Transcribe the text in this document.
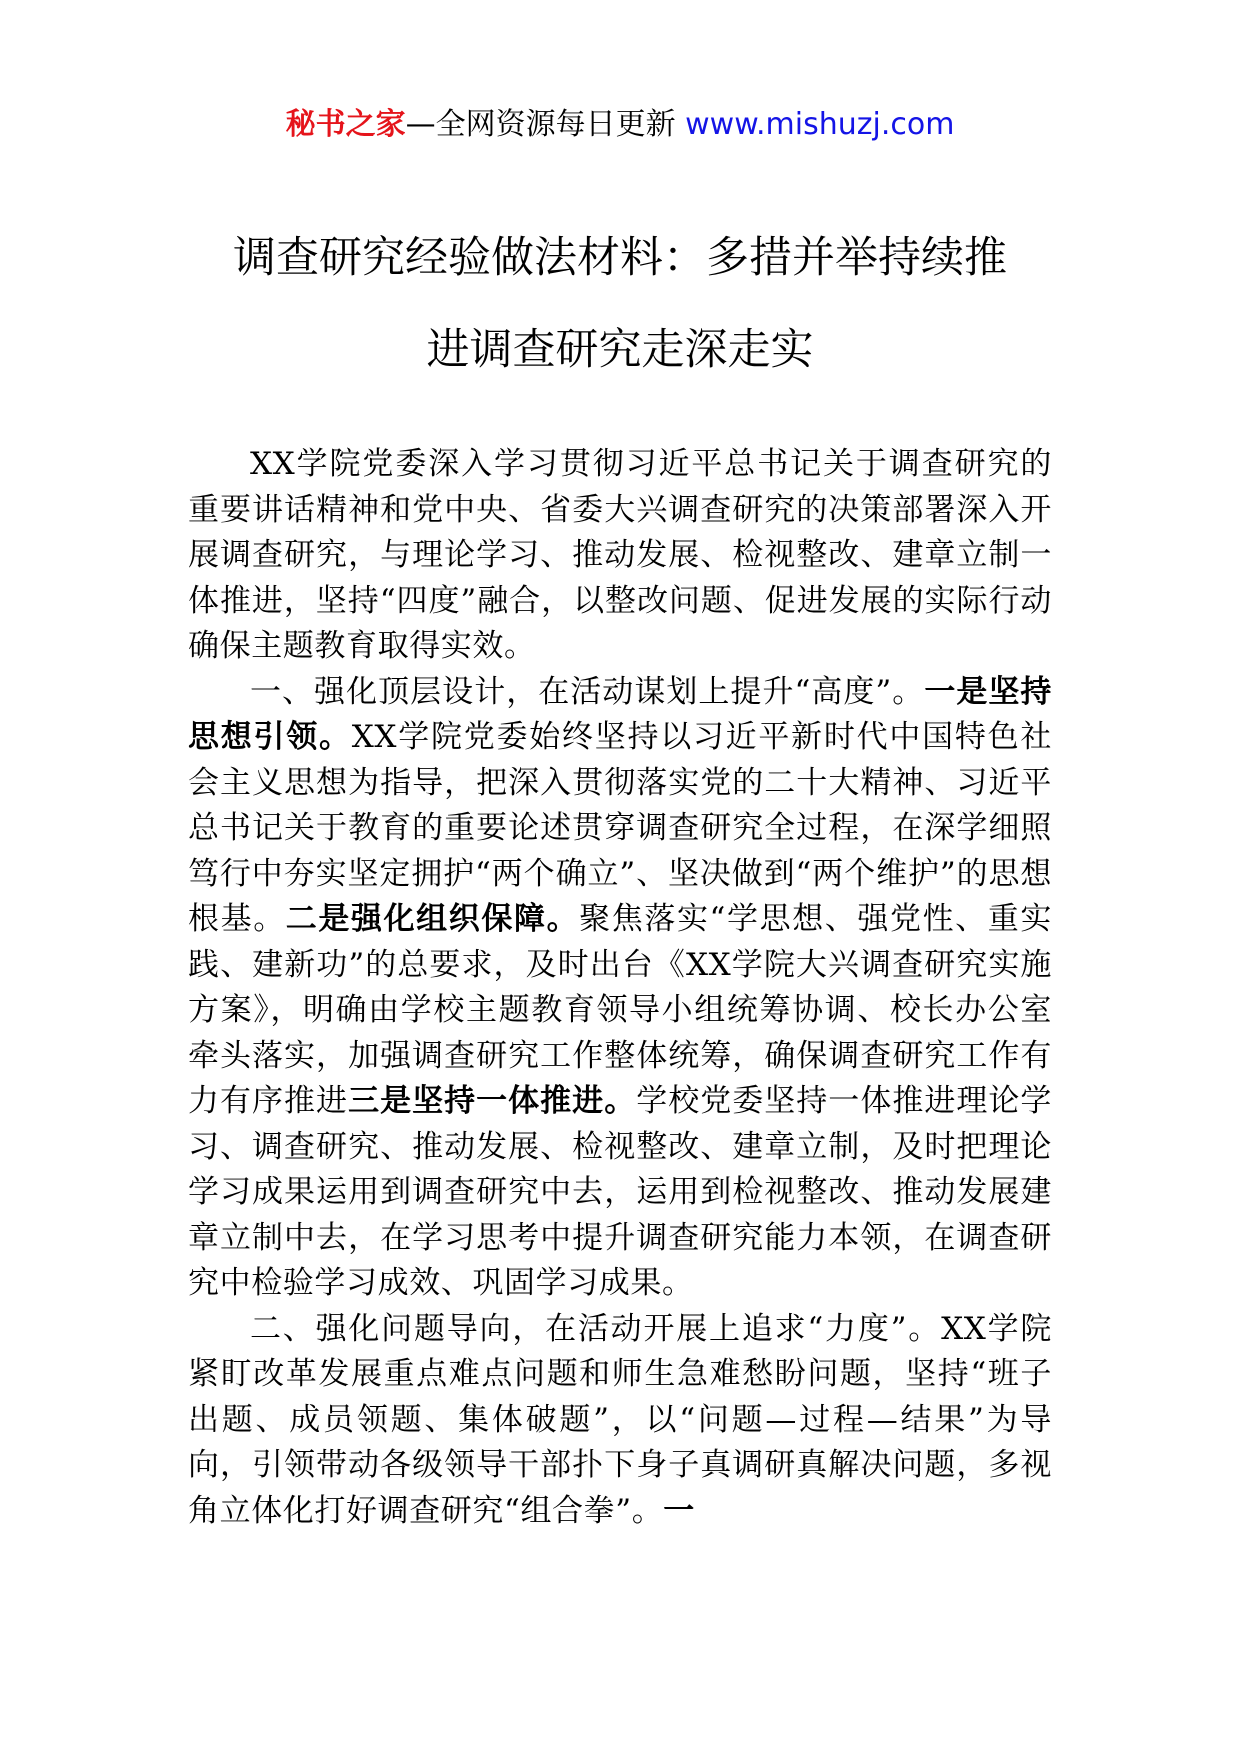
秘书之家—全网资源每日更新 www.mishuzj.com
调查研究经验做法材料：多措并举持续推
进调查研究走深走实

XX学院党委深入学习贯彻习近平总书记关于调查研究的重要讲话精神和党中央、省委大兴调查研究的决策部署深入开展调查研究，与理论学习、推动发展、检视整改、建章立制一体推进，坚持“四度”融合，以整改问题、促进发展的实际行动确保主题教育取得实效。

一、强化顶层设计，在活动谋划上提升“高度”。一是坚持思想引领。XX学院党委始终坚持以习近平新时代中国特色社会主义思想为指导，把深入贯彻落实党的二十大精神、习近平总书记关于教育的重要论述贯穿调查研究全过程，在深学细照笃行中夯实坚定拥护“两个确立”、坚决做到“两个维护”的思想根基。二是强化组织保障。聚焦落实“学思想、强党性、重实践、建新功”的总要求，及时出台《XX学院大兴调查研究实施方案》，明确由学校主题教育领导小组统筹协调、校长办公室牵头落实，加强调查研究工作整体统筹，确保调查研究工作有力有序推进三是坚持一体推进。学校党委坚持一体推进理论学习、调查研究、推动发展、检视整改、建章立制，及时把理论学习成果运用到调查研究中去，运用到检视整改、推动发展建章立制中去，在学习思考中提升调查研究能力本领，在调查研究中检验学习成效、巩固学习成果。

二、强化问题导向，在活动开展上追求“力度”。XX学院紧盯改革发展重点难点问题和师生急难愁盼问题，坚持“班子出题、成员领题、集体破题”，以“问题—过程—结果”为导向，引领带动各级领导干部扑下身子真调研真解决问题，多视角立体化打好调查研究“组合拳”。一
